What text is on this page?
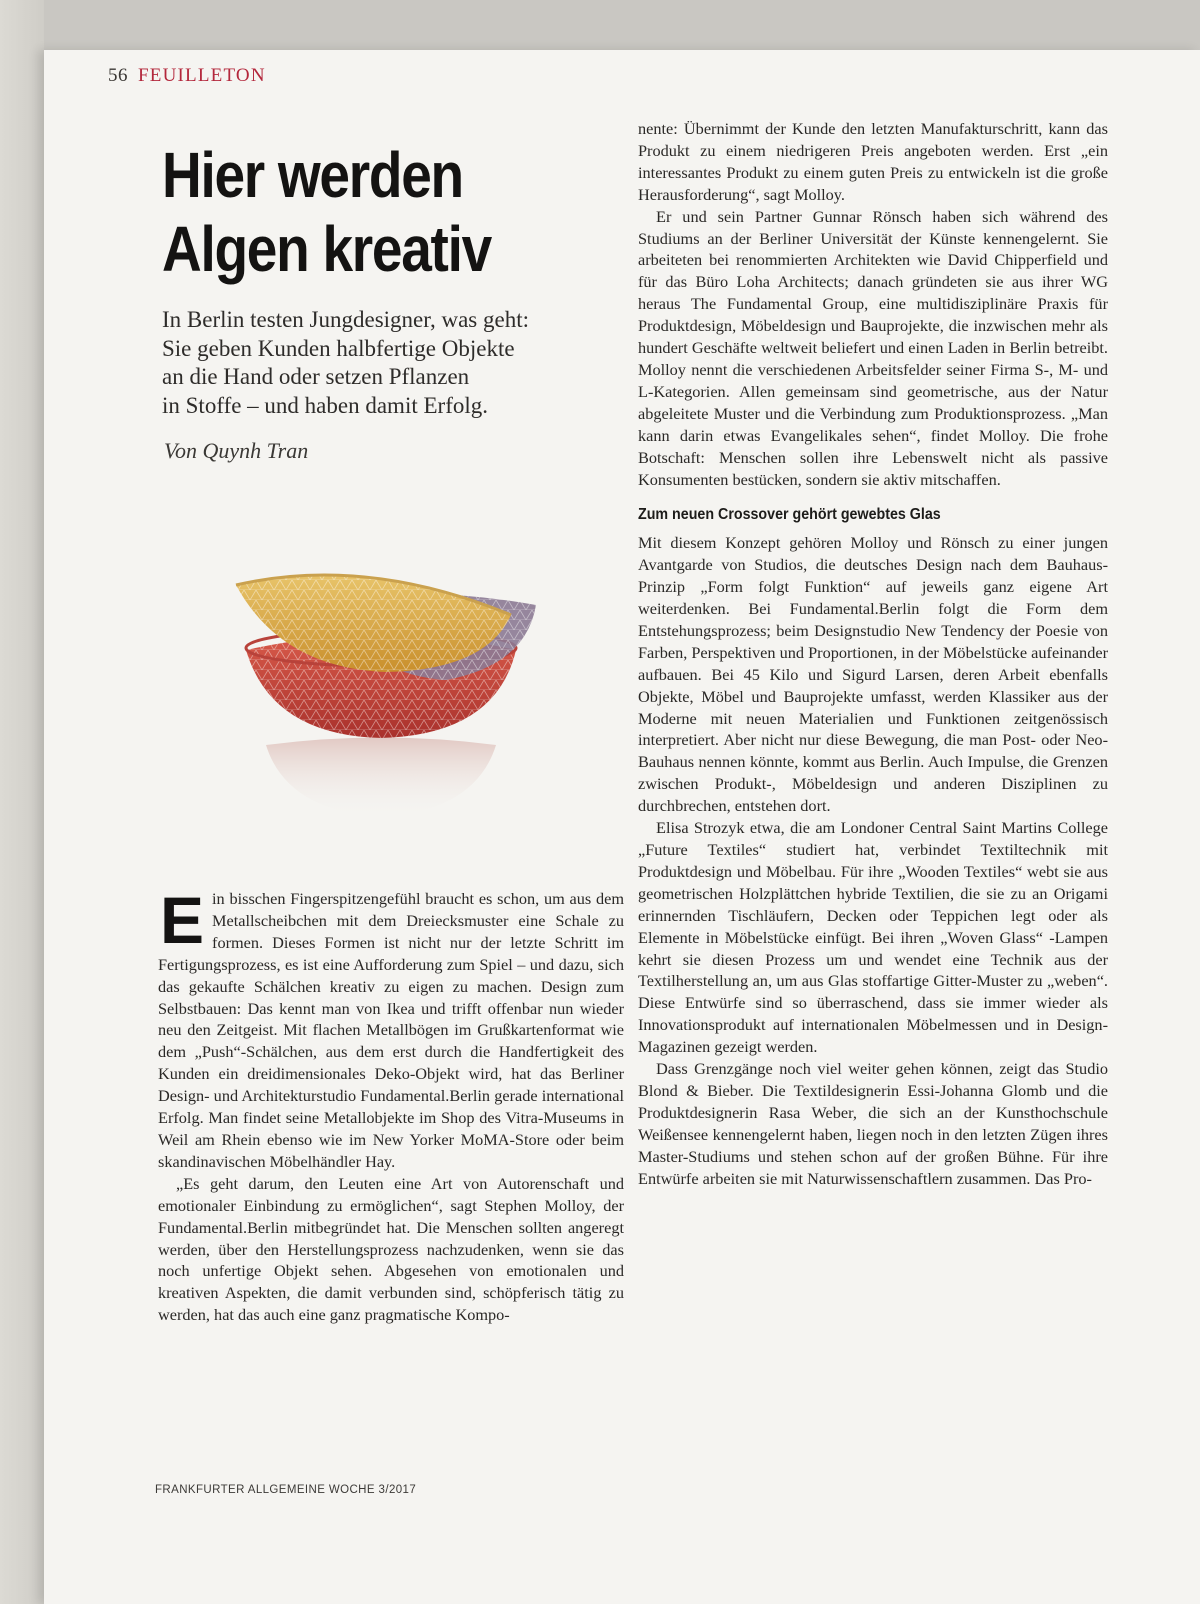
56 FEUILLETON
Hier werden
Algen kreativ
In Berlin testen Jungdesigner, was geht:
Sie geben Kunden halbfertige Objekte
an die Hand oder setzen Pflanzen
in Stoffe – und haben damit Erfolg.
Von Quynh Tran

Ein bisschen Fingerspitzengefühl braucht es schon, um aus dem Metallscheibchen mit dem Dreiecksmuster eine Schale zu formen. Dieses Formen ist nicht nur der letzte Schritt im Fertigungsprozess, es ist eine Aufforderung zum Spiel – und dazu, sich das gekaufte Schälchen kreativ zu eigen zu machen. Design zum Selbstbauen: Das kennt man von Ikea und trifft offenbar nun wieder neu den Zeitgeist. Mit flachen Metallbögen im Grußkartenformat wie dem „Push“-Schälchen, aus dem erst durch die Handfertigkeit des Kunden ein dreidimensionales Deko-Objekt wird, hat das Berliner Design- und Architekturstudio Fundamental.Berlin gerade international Erfolg. Man findet seine Metallobjekte im Shop des Vitra-Museums in Weil am Rhein ebenso wie im New Yorker MoMA-Store oder beim skandinavischen Möbelhändler Hay.

„Es geht darum, den Leuten eine Art von Autorenschaft und emotionaler Einbindung zu ermöglichen“, sagt Stephen Molloy, der Fundamental.Berlin mitbegründet hat. Die Menschen sollten angeregt werden, über den Herstellungsprozess nachzudenken, wenn sie das noch unfertige Objekt sehen. Abgesehen von emotionalen und kreativen Aspekten, die damit verbunden sind, schöpferisch tätig zu werden, hat das auch eine ganz pragmatische Kompo-

nente: Übernimmt der Kunde den letzten Manufakturschritt, kann das Produkt zu einem niedrigeren Preis angeboten werden. Erst „ein interessantes Produkt zu einem guten Preis zu entwickeln ist die große Herausforderung“, sagt Molloy.

Er und sein Partner Gunnar Rönsch haben sich während des Studiums an der Berliner Universität der Künste kennengelernt. Sie arbeiteten bei renommierten Architekten wie David Chipperfield und für das Büro Loha Architects; danach gründeten sie aus ihrer WG heraus The Fundamental Group, eine multidisziplinäre Praxis für Produktdesign, Möbeldesign und Bauprojekte, die inzwischen mehr als hundert Geschäfte weltweit beliefert und einen Laden in Berlin betreibt. Molloy nennt die verschiedenen Arbeitsfelder seiner Firma S-, M- und L-Kategorien. Allen gemeinsam sind geometrische, aus der Natur abgeleitete Muster und die Verbindung zum Produktionsprozess. „Man kann darin etwas Evangelikales sehen“, findet Molloy. Die frohe Botschaft: Menschen sollen ihre Lebenswelt nicht als passive Konsumenten bestücken, sondern sie aktiv mitschaffen.

Zum neuen Crossover gehört gewebtes Glas

Mit diesem Konzept gehören Molloy und Rönsch zu einer jungen Avantgarde von Studios, die deutsches Design nach dem Bauhaus-Prinzip „Form folgt Funktion“ auf jeweils ganz eigene Art weiterdenken. Bei Fundamental.Berlin folgt die Form dem Entstehungsprozess; beim Designstudio New Tendency der Poesie von Farben, Perspektiven und Proportionen, in der Möbelstücke aufeinander aufbauen. Bei 45 Kilo und Sigurd Larsen, deren Arbeit ebenfalls Objekte, Möbel und Bauprojekte umfasst, werden Klassiker aus der Moderne mit neuen Materialien und Funktionen zeitgenössisch interpretiert. Aber nicht nur diese Bewegung, die man Post- oder Neo-Bauhaus nennen könnte, kommt aus Berlin. Auch Impulse, die Grenzen zwischen Produkt-, Möbeldesign und anderen Disziplinen zu durchbrechen, entstehen dort.

Elisa Strozyk etwa, die am Londoner Central Saint Martins College „Future Textiles“ studiert hat, verbindet Textiltechnik mit Produktdesign und Möbelbau. Für ihre „Wooden Textiles“ webt sie aus geometrischen Holzplättchen hybride Textilien, die sie zu an Origami erinnernden Tischläufern, Decken oder Teppichen legt oder als Elemente in Möbelstücke einfügt. Bei ihren „Woven Glass“ -Lampen kehrt sie diesen Prozess um und wendet eine Technik aus der Textilherstellung an, um aus Glas stoffartige Gitter-Muster zu „weben“. Diese Entwürfe sind so überraschend, dass sie immer wieder als Innovationsprodukt auf internationalen Möbelmessen und in Design-Magazinen gezeigt werden.

Dass Grenzgänge noch viel weiter gehen können, zeigt das Studio Blond & Bieber. Die Textildesignerin Essi-Johanna Glomb und die Produktdesignerin Rasa Weber, die sich an der Kunsthochschule Weißensee kennengelernt haben, liegen noch in den letzten Zügen ihres Master-Studiums und stehen schon auf der großen Bühne. Für ihre Entwürfe arbeiten sie mit Naturwissenschaftlern zusammen. Das Pro-

FRANKFURTER ALLGEMEINE WOCHE 3/2017
